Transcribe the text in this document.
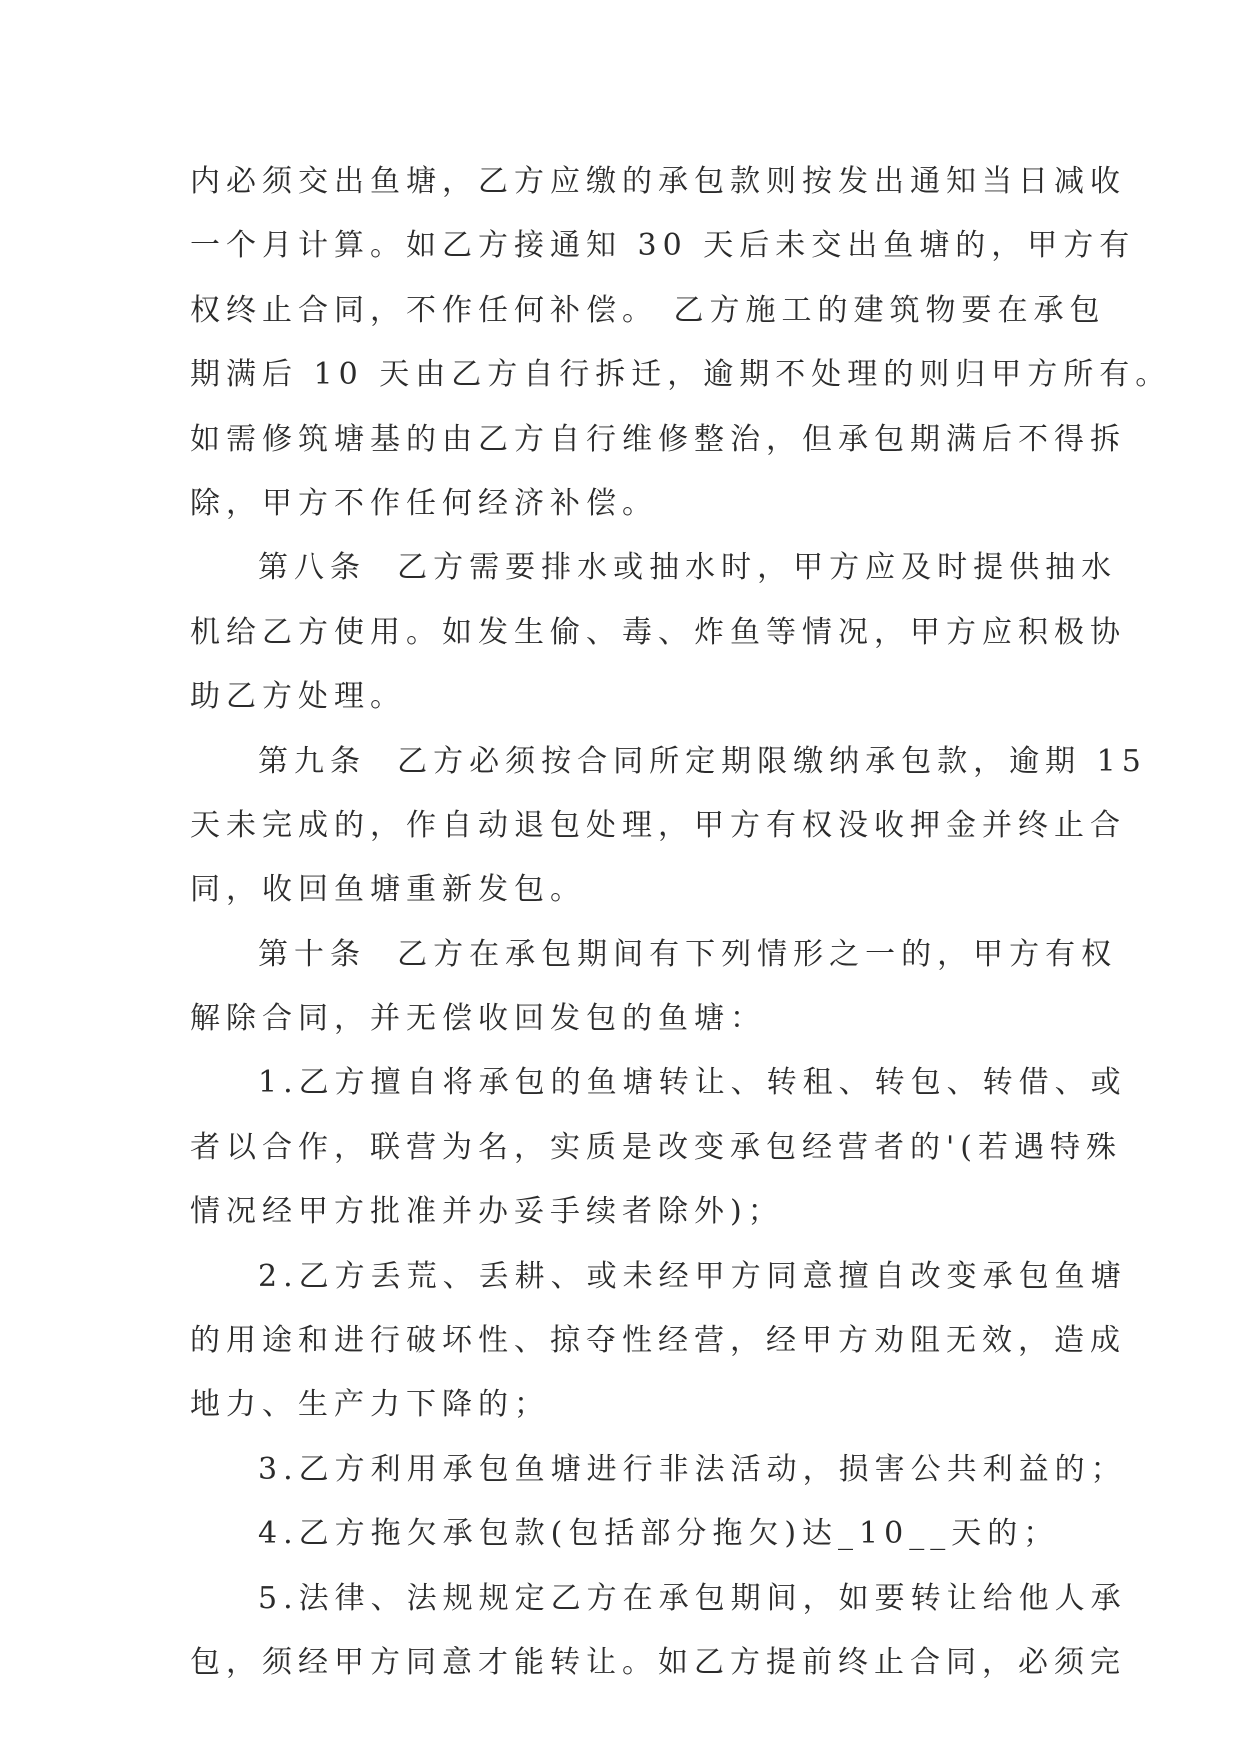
内必须交出鱼塘，乙方应缴的承包款则按发出通知当日减收
一个月计算。如乙方接通知 30 天后未交出鱼塘的，甲方有
权终止合同，不作任何补偿。 乙方施工的建筑物要在承包
期满后 10 天由乙方自行拆迁，逾期不处理的则归甲方所有。
如需修筑塘基的由乙方自行维修整治，但承包期满后不得拆
除，甲方不作任何经济补偿。
第八条  乙方需要排水或抽水时，甲方应及时提供抽水
机给乙方使用。如发生偷、毒、炸鱼等情况，甲方应积极协
助乙方处理。
第九条  乙方必须按合同所定期限缴纳承包款，逾期 15
天未完成的，作自动退包处理，甲方有权没收押金并终止合
同，收回鱼塘重新发包。
第十条  乙方在承包期间有下列情形之一的，甲方有权
解除合同，并无偿收回发包的鱼塘：
1.乙方擅自将承包的鱼塘转让、转租、转包、转借、或
者以合作，联营为名，实质是改变承包经营者的'(若遇特殊
情况经甲方批准并办妥手续者除外)；
2.乙方丢荒、丢耕、或未经甲方同意擅自改变承包鱼塘
的用途和进行破坏性、掠夺性经营，经甲方劝阻无效，造成
地力、生产力下降的；
3.乙方利用承包鱼塘进行非法活动，损害公共利益的；
4.乙方拖欠承包款(包括部分拖欠)达_10__天的；
5.法律、法规规定乙方在承包期间，如要转让给他人承
包，须经甲方同意才能转让。如乙方提前终止合同，必须完
